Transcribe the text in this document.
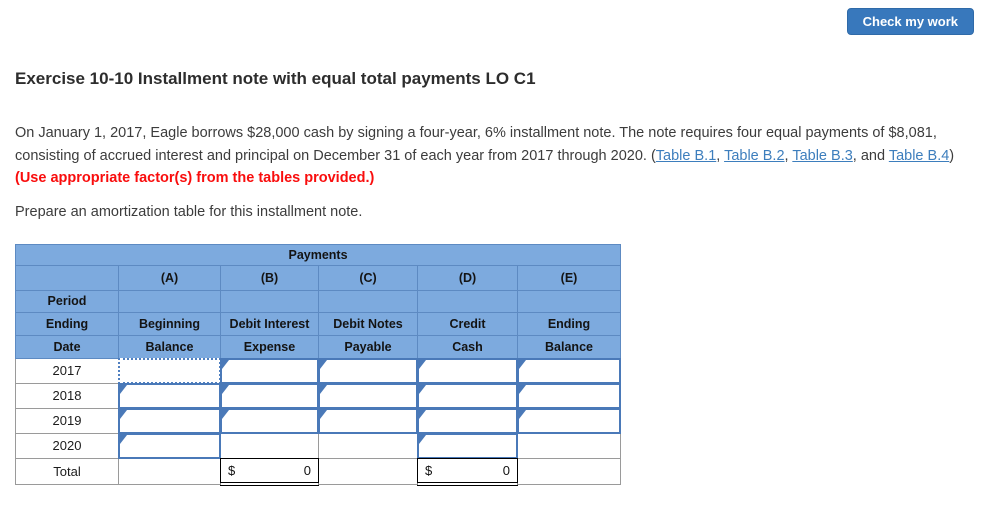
Check my work
Exercise 10-10 Installment note with equal total payments LO C1

On January 1, 2017, Eagle borrows $28,000 cash by signing a four-year, 6% installment note. The note requires four equal payments of $8,081, consisting of accrued interest and principal on December 31 of each year from 2017 through 2020. (Table B.1, Table B.2, Table B.3, and Table B.4) (Use appropriate factor(s) from the tables provided.)

Prepare an amortization table for this installment note.

Payments					
	(A)	(B)	(C)	(D)	(E)
Period					
Ending	Beginning	Debit Interest	Debit Notes	Credit	Ending
Date	Balance	Expense	Payable	Cash	Balance
2017	

2018	

2019	

2020	

Total		$ 0		$ 0	
